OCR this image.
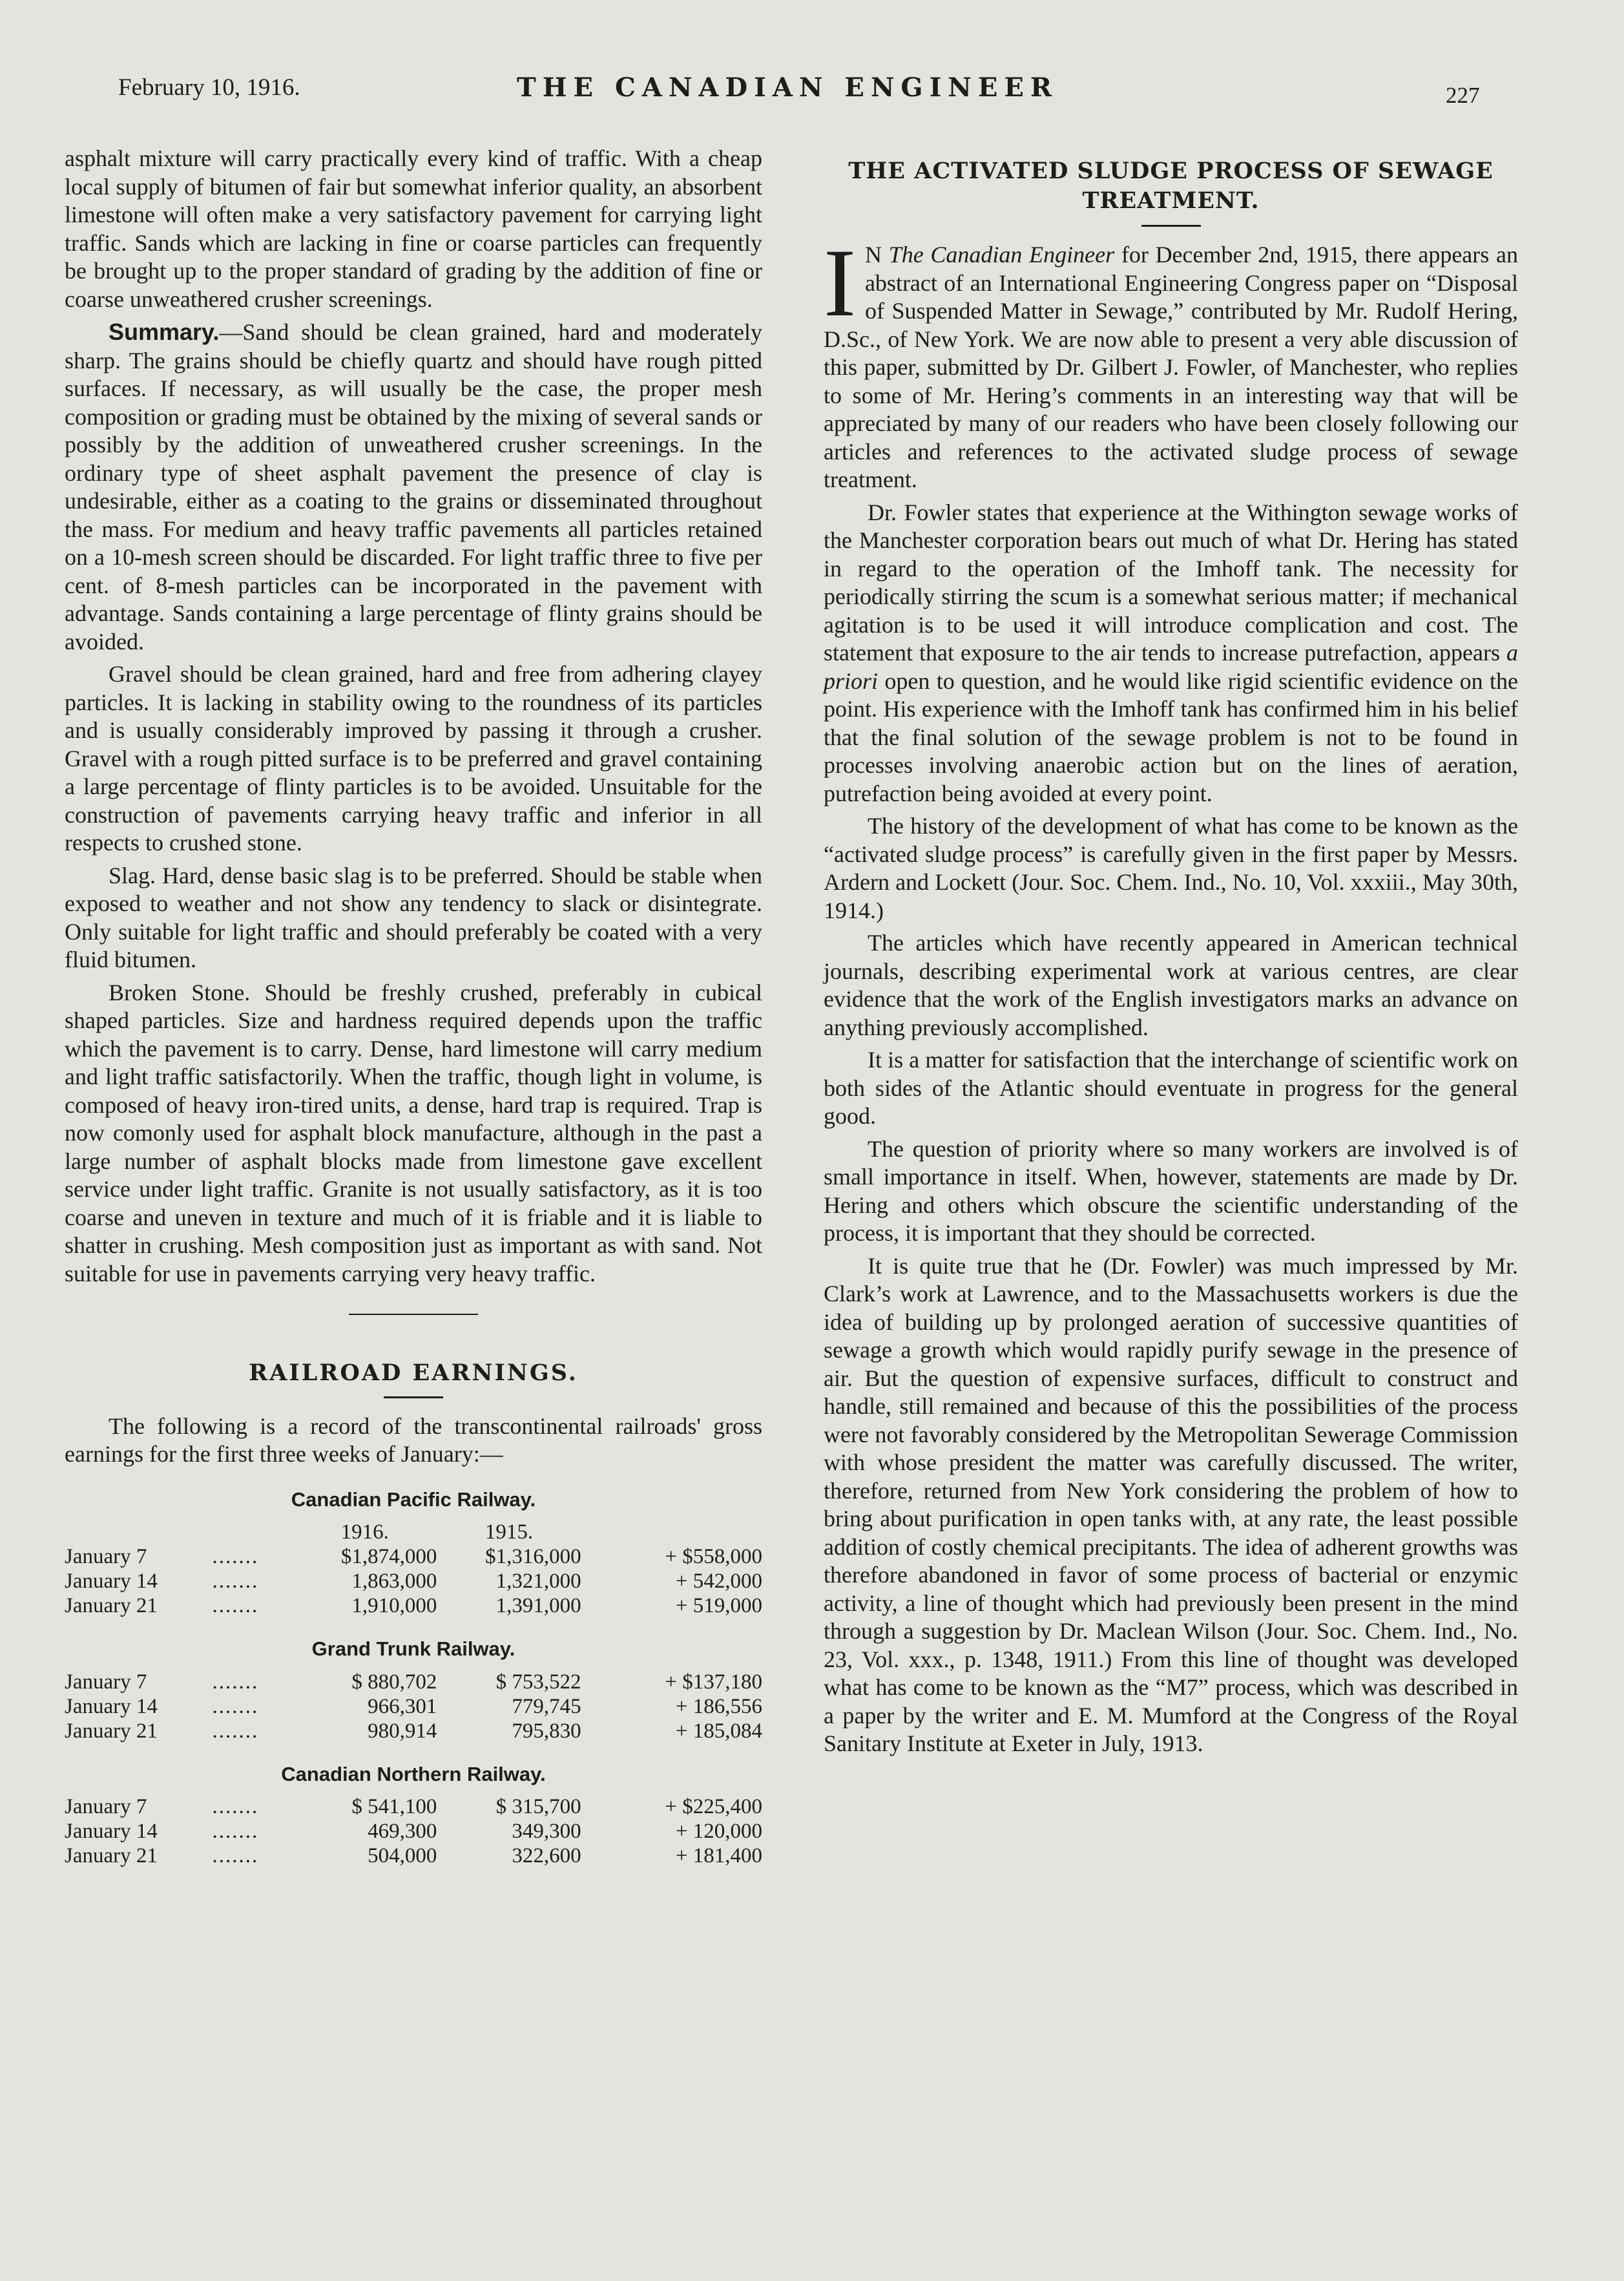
February 10, 1916.	THE CANADIAN ENGINEER	227

asphalt mixture will carry practically every kind of traffic. With a cheap local supply of bitumen of fair but somewhat inferior quality, an absorbent limestone will often make a very satisfactory pavement for carrying light traffic. Sands which are lacking in fine or coarse particles can frequently be brought up to the proper standard of grading by the addition of fine or coarse unweathered crusher screenings.

Summary.—Sand should be clean grained, hard and moderately sharp. The grains should be chiefly quartz and should have rough pitted surfaces. If necessary, as will usually be the case, the proper mesh composition or grading must be obtained by the mixing of several sands or possibly by the addition of unweathered crusher screenings. In the ordinary type of sheet asphalt pavement the presence of clay is undesirable, either as a coating to the grains or disseminated throughout the mass. For medium and heavy traffic pavements all particles retained on a 10-mesh screen should be discarded. For light traffic three to five per cent. of 8-mesh particles can be incorporated in the pavement with advantage. Sands containing a large percentage of flinty grains should be avoided.

Gravel should be clean grained, hard and free from adhering clayey particles. It is lacking in stability owing to the roundness of its particles and is usually considerably improved by passing it through a crusher. Gravel with a rough pitted surface is to be preferred and gravel containing a large percentage of flinty particles is to be avoided. Unsuitable for the construction of pavements carrying heavy traffic and inferior in all respects to crushed stone.

Slag. Hard, dense basic slag is to be preferred. Should be stable when exposed to weather and not show any tendency to slack or disintegrate. Only suitable for light traffic and should preferably be coated with a very fluid bitumen.

Broken Stone. Should be freshly crushed, preferably in cubical shaped particles. Size and hardness required depends upon the traffic which the pavement is to carry. Dense, hard limestone will carry medium and light traffic satisfactorily. When the traffic, though light in volume, is composed of heavy iron-tired units, a dense, hard trap is required. Trap is now comonly used for asphalt block manufacture, although in the past a large number of asphalt blocks made from limestone gave excellent service under light traffic. Granite is not usually satisfactory, as it is too coarse and uneven in texture and much of it is friable and it is liable to shatter in crushing. Mesh composition just as important as with sand. Not suitable for use in pavements carrying very heavy traffic.

RAILROAD EARNINGS.

The following is a record of the transcontinental railroads' gross earnings for the first three weeks of January:—

Canadian Pacific Railway.
		1916.	1915.	
January 7	.......	$1,874,000	$1,316,000	+ $558,000
January 14	.......	1,863,000	1,321,000	+ 542,000
January 21	.......	1,910,000	1,391,000	+ 519,000
Grand Trunk Railway.
January 7	.......	$ 880,702	$ 753,522	+ $137,180
January 14	.......	966,301	779,745	+ 186,556
January 21	.......	980,914	795,830	+ 185,084
Canadian Northern Railway.
January 7	.......	$ 541,100	$ 315,700	+ $225,400
January 14	.......	469,300	349,300	+ 120,000
January 21	.......	504,000	322,600	+ 181,400
THE ACTIVATED SLUDGE PROCESS OF SEWAGE TREATMENT.

I N The Canadian Engineer for December 2nd, 1915, there appears an abstract of an International Engineering Congress paper on “Disposal of Suspended Matter in Sewage,” contributed by Mr. Rudolf Hering, D.Sc., of New York. We are now able to present a very able discussion of this paper, submitted by Dr. Gilbert J. Fowler, of Manchester, who replies to some of Mr. Hering’s comments in an interesting way that will be appreciated by many of our readers who have been closely following our articles and references to the activated sludge process of sewage treatment.

Dr. Fowler states that experience at the Withington sewage works of the Manchester corporation bears out much of what Dr. Hering has stated in regard to the operation of the Imhoff tank. The necessity for periodically stirring the scum is a somewhat serious matter; if mechanical agitation is to be used it will introduce complication and cost. The statement that exposure to the air tends to increase putrefaction, appears a priori open to question, and he would like rigid scientific evidence on the point. His experience with the Imhoff tank has confirmed him in his belief that the final solution of the sewage problem is not to be found in processes involving anaerobic action but on the lines of aeration, putrefaction being avoided at every point.

The history of the development of what has come to be known as the “activated sludge process” is carefully given in the first paper by Messrs. Ardern and Lockett (Jour. Soc. Chem. Ind., No. 10, Vol. xxxiii., May 30th, 1914.)

The articles which have recently appeared in American technical journals, describing experimental work at various centres, are clear evidence that the work of the English investigators marks an advance on anything previously accomplished.

It is a matter for satisfaction that the interchange of scientific work on both sides of the Atlantic should eventuate in progress for the general good.

The question of priority where so many workers are involved is of small importance in itself. When, however, statements are made by Dr. Hering and others which obscure the scientific understanding of the process, it is important that they should be corrected.

It is quite true that he (Dr. Fowler) was much impressed by Mr. Clark’s work at Lawrence, and to the Massachusetts workers is due the idea of building up by prolonged aeration of successive quantities of sewage a growth which would rapidly purify sewage in the presence of air. But the question of expensive surfaces, difficult to construct and handle, still remained and because of this the possibilities of the process were not favorably considered by the Metropolitan Sewerage Commission with whose president the matter was carefully discussed. The writer, therefore, returned from New York considering the problem of how to bring about purification in open tanks with, at any rate, the least possible addition of costly chemical precipitants. The idea of adherent growths was therefore abandoned in favor of some process of bacterial or enzymic activity, a line of thought which had previously been present in the mind through a suggestion by Dr. Maclean Wilson (Jour. Soc. Chem. Ind., No. 23, Vol. xxx., p. 1348, 1911.) From this line of thought was developed what has come to be known as the “M7” process, which was described in a paper by the writer and E. M. Mumford at the Congress of the Royal Sanitary Institute at Exeter in July, 1913.
